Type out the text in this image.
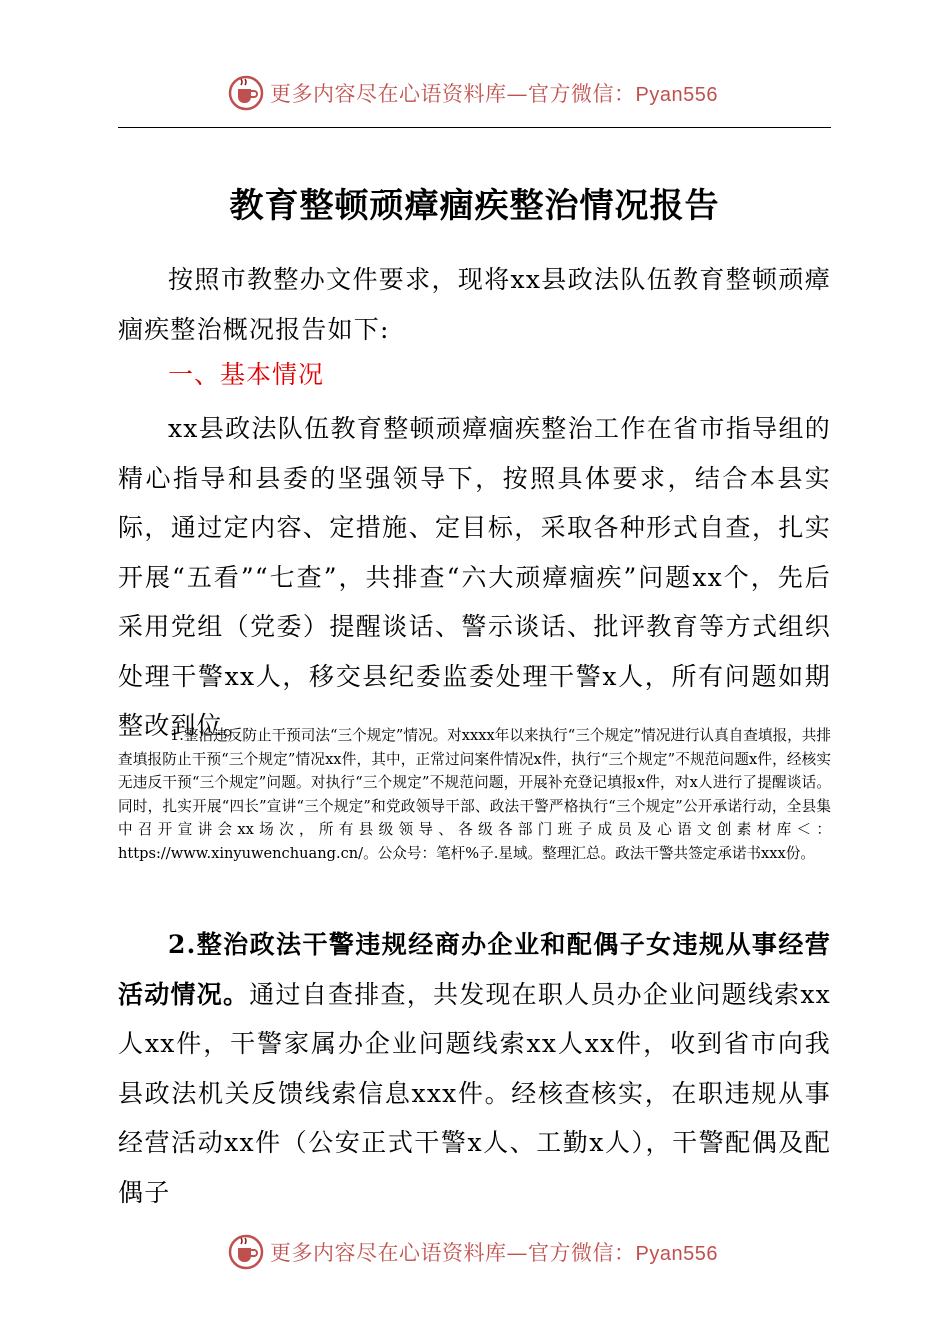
更多内容尽在心语资料库—官方微信：Pyan556
教育整顿顽瘴痼疾整治情况报告
按照市教整办文件要求，现将xx县政法队伍教育整顿顽瘴痼疾整治概况报告如下:
一、基本情况
xx县政法队伍教育整顿顽瘴痼疾整治工作在省市指导组的精心指导和县委的坚强领导下，按照具体要求，结合本县实际，通过定内容、定措施、定目标，采取各种形式自查，扎实开展“五看”“七查”，共排查“六大顽瘴痼疾”问题xx个，先后采用党组（党委）提醒谈话、警示谈话、批评教育等方式组织处理干警xx人，移交县纪委监委处理干警x人，所有问题如期整改到位。
1.整治违反防止干预司法“三个规定”情况。对xxxx年以来执行“三个规定”情况进行认真自查填报，共排查填报防止干预“三个规定”情况xx件，其中，正常过问案件情况x件，执行“三个规定”不规范问题x件，经核实无违反干预“三个规定”问题。对执行“三个规定”不规范问题，开展补充登记填报x件，对x人进行了提醒谈话。同时，扎实开展“四长”宣讲“三个规定”和党政领导干部、政法干警严格执行“三个规定”公开承诺行动，全县集中召开宣讲会xx场次，所有县级领导、各级各部门班子成员及心语文创素材库＜：https://www.xinyuwenchuang.cn/。公众号：笔杆%子.星域。整理汇总。政法干警共签定承诺书xxx份。
2.整治政法干警违规经商办企业和配偶子女违规从事经营活动情况。通过自查排查，共发现在职人员办企业问题线索xx人xx件，干警家属办企业问题线索xx人xx件，收到省市向我县政法机关反馈线索信息xxx件。经核查核实，在职违规从事经营活动xx件（公安正式干警x人、工勤x人），干警配偶及配偶子
更多内容尽在心语资料库—官方微信：Pyan556
